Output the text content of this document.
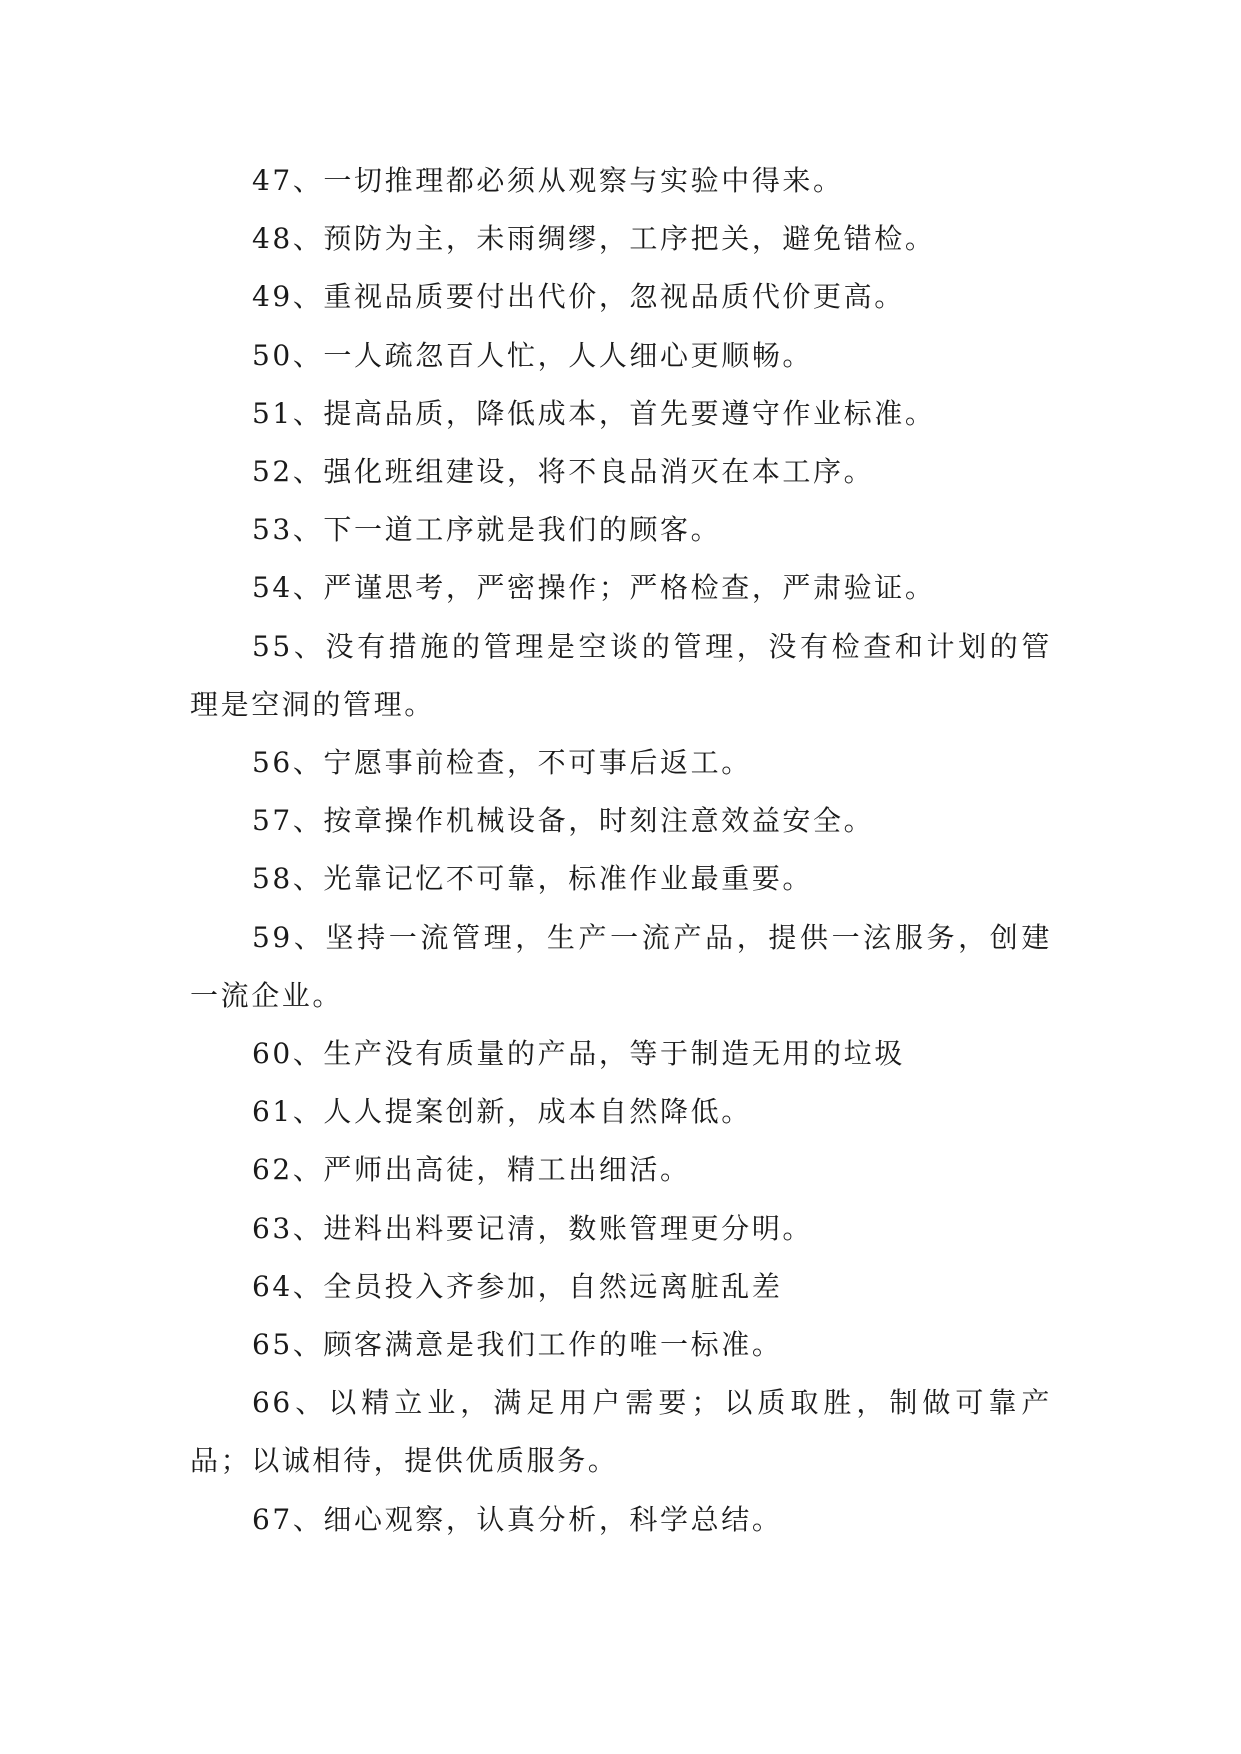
47、一切推理都必须从观察与实验中得来。

48、预防为主，未雨绸缪，工序把关，避免错检。

49、重视品质要付出代价，忽视品质代价更高。

50、一人疏忽百人忙，人人细心更顺畅。

51、提高品质，降低成本，首先要遵守作业标准。

52、强化班组建设，将不良品消灭在本工序。

53、下一道工序就是我们的顾客。

54、严谨思考，严密操作；严格检查，严肃验证。

55、没有措施的管理是空谈的管理，没有检查和计划的管理是空洞的管理。

56、宁愿事前检查，不可事后返工。

57、按章操作机械设备，时刻注意效益安全。

58、光靠记忆不可靠，标准作业最重要。

59、坚持一流管理，生产一流产品，提供一泫服务，创建一流企业。

60、生产没有质量的产品，等于制造无用的垃圾

61、人人提案创新，成本自然降低。

62、严师出高徒，精工出细活。

63、进料出料要记清，数账管理更分明。

64、全员投入齐参加，自然远离脏乱差

65、顾客满意是我们工作的唯一标准。

66、以精立业，满足用户需要；以质取胜，制做可靠产品；以诚相待，提供优质服务。

67、细心观察，认真分析，科学总结。
